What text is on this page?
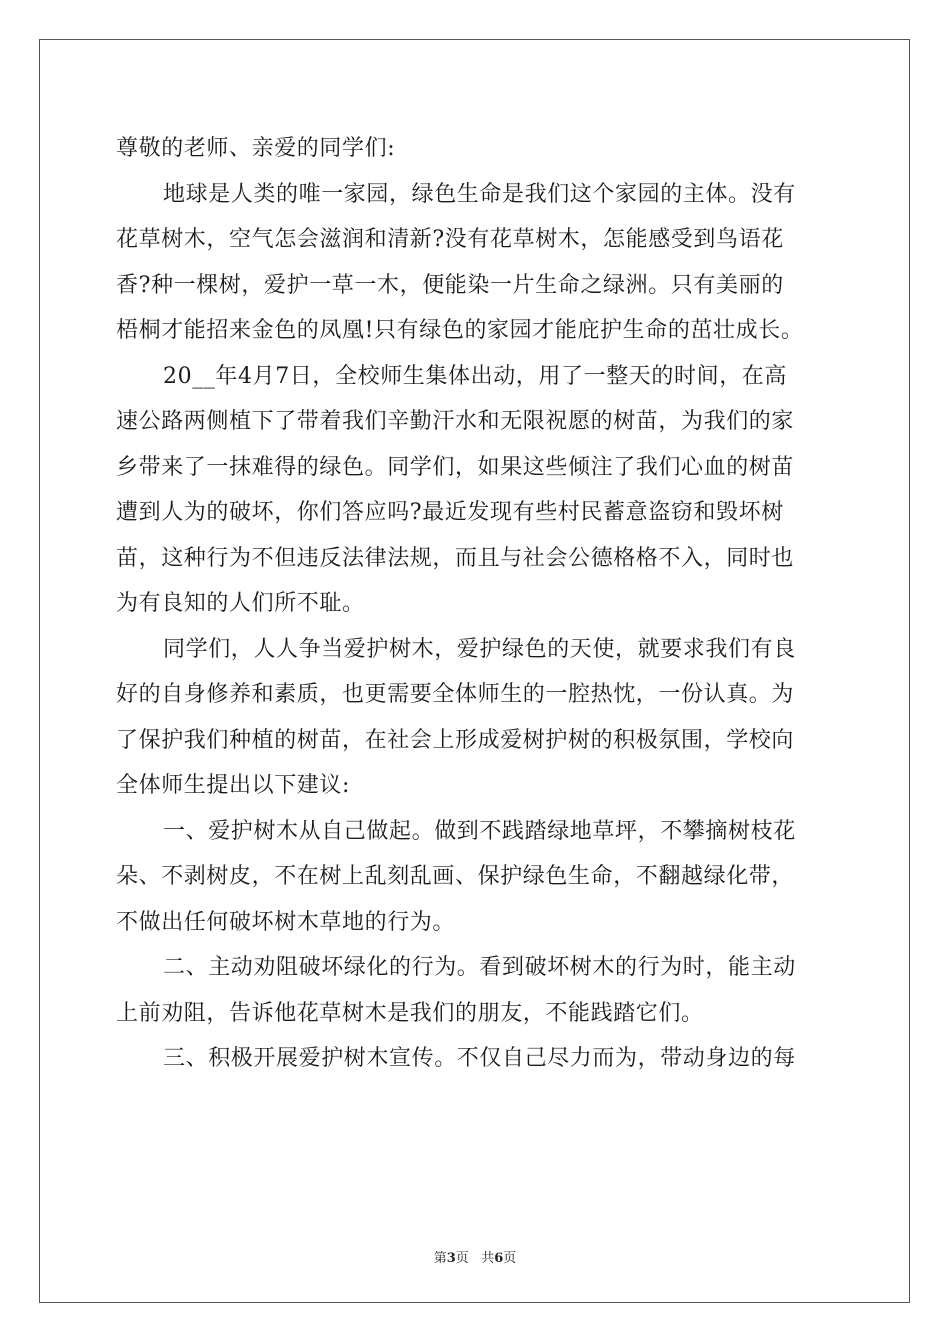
尊敬的老师、亲爱的同学们:
地球是人类的唯一家园，绿色生命是我们这个家园的主体。没有
花草树木，空气怎会滋润和清新?没有花草树木，怎能感受到鸟语花
香?种一棵树，爱护一草一木，便能染一片生命之绿洲。只有美丽的
梧桐才能招来金色的凤凰!只有绿色的家园才能庇护生命的茁壮成长。
20__年4月7日，全校师生集体出动，用了一整天的时间，在高
速公路两侧植下了带着我们辛勤汗水和无限祝愿的树苗，为我们的家
乡带来了一抹难得的绿色。同学们，如果这些倾注了我们心血的树苗
遭到人为的破坏，你们答应吗?最近发现有些村民蓄意盗窃和毁坏树
苗，这种行为不但违反法律法规，而且与社会公德格格不入，同时也
为有良知的人们所不耻。
同学们，人人争当爱护树木，爱护绿色的天使，就要求我们有良
好的自身修养和素质，也更需要全体师生的一腔热忱，一份认真。为
了保护我们种植的树苗，在社会上形成爱树护树的积极氛围，学校向
全体师生提出以下建议:
一、爱护树木从自己做起。做到不践踏绿地草坪，不攀摘树枝花
朵、不剥树皮，不在树上乱刻乱画、保护绿色生命，不翻越绿化带，
不做出任何破坏树木草地的行为。
二、主动劝阻破坏绿化的行为。看到破坏树木的行为时，能主动
上前劝阻，告诉他花草树木是我们的朋友，不能践踏它们。
三、积极开展爱护树木宣传。不仅自己尽力而为，带动身边的每
第3页 共6页
